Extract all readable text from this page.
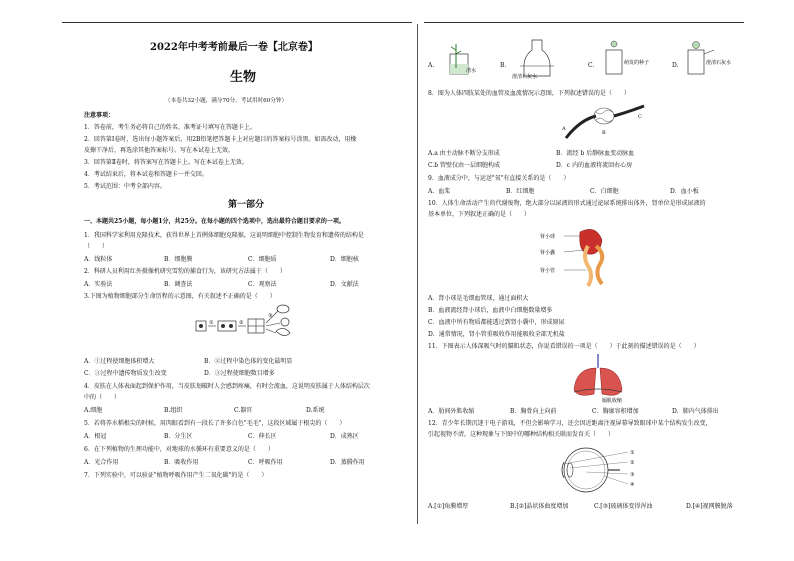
2022年中考考前最后一卷【北京卷】
生物
（本卷共32小题，满分70分，考试用时60分钟）
注意事项：
1．答卷前，考生务必将自己的姓名、准考证号填写在答题卡上。
2．回答第Ⅰ卷时，选出每小题答案后，用2B铅笔把答题卡上对应题目的答案标号涂黑。如需改动，用橡
皮擦干净后，再选涂其他答案标号。写在本试卷上无效。
3．回答第Ⅱ卷时，将答案写在答题卡上。写在本试卷上无效。
4．考试结束后，将本试卷和答题卡一并交回。
5．考试范围：中考全部内容。
第一部分
一、本题共25小题，每小题1分，共25分。在每小题的四个选项中，选出最符合题目要求的一项。
1．我国科学家利用克隆技术，获得世界上首例体细胞克隆猴，这说明细胞中控制生物发育和遗传的结构是
（　　）
A．线粒体	B．细胞膜	C．细胞质	D．细胞核
2．科研人员利用红外摄像机研究雪豹的捕食行为，该研究方法属于（　　）
A．实验法	B．调查法	C．观察法	D．文献法
3.下图为植物细胞部分生命历程的示意图，有关叙述不正确的是（　　）
①	②
③
A．①过程使细胞体积增大	B．②过程中染色体的变化最明显
C．③过程中遗传物质发生改变	D．③过程使细胞数目增多
4．皮肤在人体表面起到保护作用，当皮肤划破时人会感到疼痛，有时会流血，这说明皮肤属于人体结构层次
中的（　　）
A.细胞	B.组织	C.器官	D.系统
5．若将养水稻根尖的时候，用肉眼看到有一段长了许多白色"毛毛"，这段区域属于根尖的（　　）
A．根冠	B．分生区	C．伸长区	D．成熟区
6．在下列植物的生理功能中，对地球的水循环有重要意义的是（　　）
A．光合作用	B．吸收作用	C．呼吸作用	D．蒸腾作用
7．下列实验中，可以验证"植物呼吸作用产生二氧化碳"的是（　　）
A.
清水
B.
澄清石灰水
C.	萌发的种子	D.	澄清石灰水
8．图为人体四肢某处的血管及血流情况示意图，下列叙述错误的是（　　）
A
B
C
A.a 由主动脉不断分支形成	B．流经 b 后静脉血变动脉血
C.b 管壁仅由一层细胞构成	D．c 内的血液将流回右心房
9．血液成分中，与运送"氧"有直接关系的是（　　）
A．血浆	B．红细胞	C．白细胞	D．血小板
10．人体生命活动产生的代谢废物，绝大部分以尿液的形式通过泌尿系统排出体外，肾单位是形成尿液的
基本单位，下列叙述正确的是（　　）
肾小球
肾小囊
肾小管
A．肾小球是毛细血管球，通过面积大
B．血液流经肾小球后，血液中白细胞数量增多
C．血液中所有物质都能透过到肾小囊中，形成原尿
D．通常情况，肾小管重吸收作用能吸收全部无机盐
11．下图表示人体深吸气时的膈肌状态，你说看错误的一项是（　　）于此刻的描述错误的是（　　）
膈肌收缩
A．肋间外肌收缩	B．胸骨向上向前	C．胸廓容积增加	D．肺内气体排出
12．青少年长期沉迷于电子游戏，不但会影响学习，还会因近距离注视屏幕导致眼球中某个结构发生改变，
引起视物不清，这种现象与下图中的哪种结构相关联而发育关（　　）
①
②
③
④
A.[①]角膜增厚	B.[②]晶状体曲度增加	C.[③]玻璃体变得浑浊	D.[④]视网膜脱落
